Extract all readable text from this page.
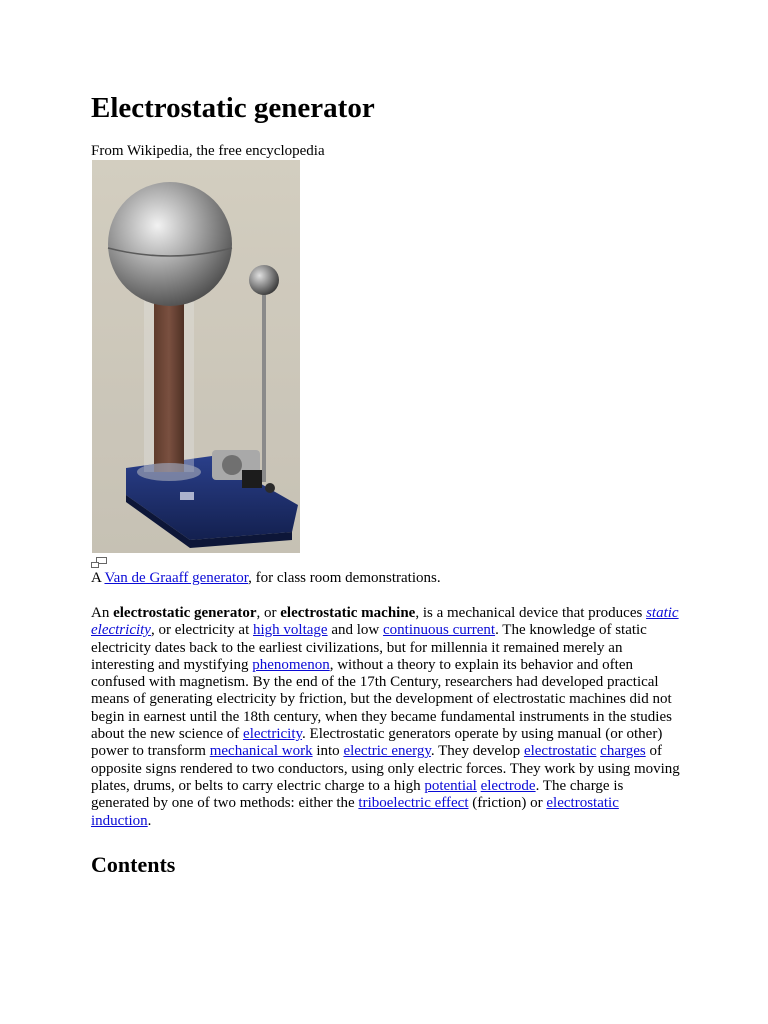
Electrostatic generator

From Wikipedia, the free encyclopedia

A Van de Graaff generator, for class room demonstrations.

An electrostatic generator, or electrostatic machine, is a mechanical device that produces static electricity, or electricity at high voltage and low continuous current. The knowledge of static electricity dates back to the earliest civilizations, but for millennia it remained merely an interesting and mystifying phenomenon, without a theory to explain its behavior and often confused with magnetism. By the end of the 17th Century, researchers had developed practical means of generating electricity by friction, but the development of electrostatic machines did not begin in earnest until the 18th century, when they became fundamental instruments in the studies about the new science of electricity. Electrostatic generators operate by using manual (or other) power to transform mechanical work into electric energy. They develop electrostatic charges of opposite signs rendered to two conductors, using only electric forces. They work by using moving plates, drums, or belts to carry electric charge to a high potential electrode. The charge is generated by one of two methods: either the triboelectric effect (friction) or electrostatic induction.

Contents
